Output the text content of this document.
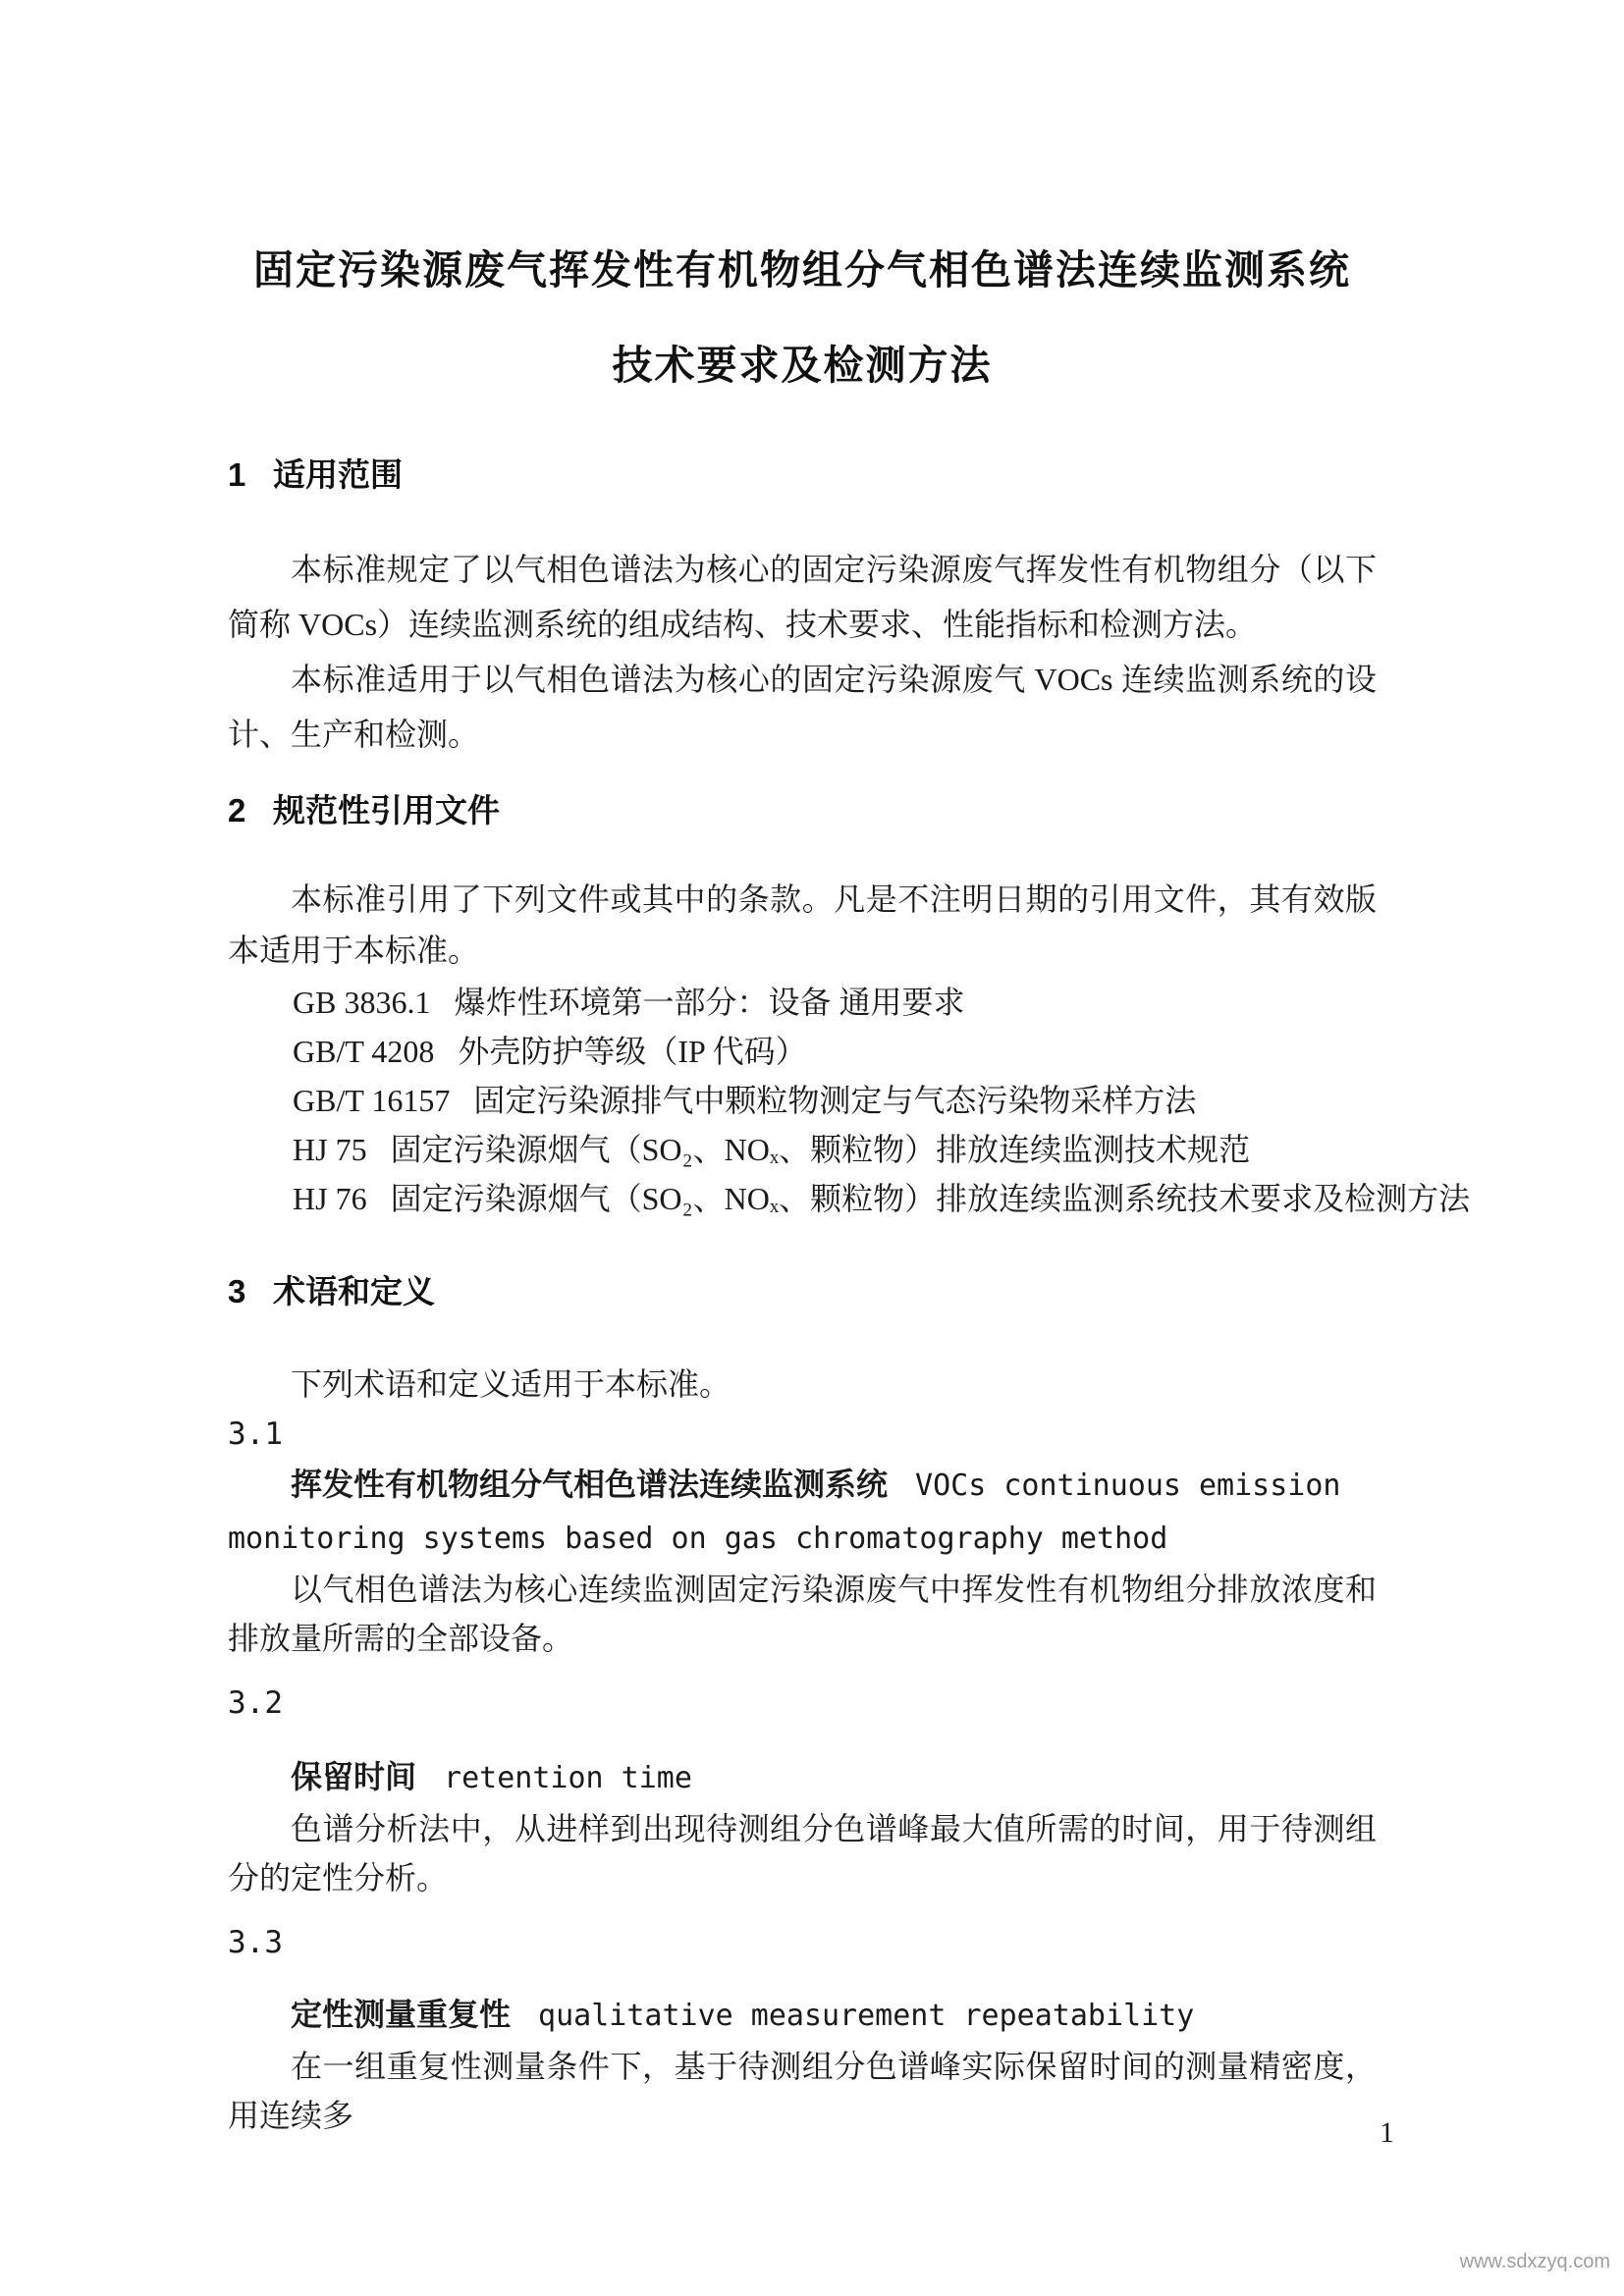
固定污染源废气挥发性有机物组分气相色谱法连续监测系统
技术要求及检测方法
1 适用范围

本标准规定了以气相色谱法为核心的固定污染源废气挥发性有机物组分（以下简称 VOCs）连续监测系统的组成结构、技术要求、性能指标和检测方法。

本标准适用于以气相色谱法为核心的固定污染源废气 VOCs 连续监测系统的设计、生产和检测。

2 规范性引用文件

本标准引用了下列文件或其中的条款。凡是不注明日期的引用文件，其有效版本适用于本标准。

GB 3836.1 爆炸性环境第一部分：设备 通用要求

GB/T 4208 外壳防护等级（IP 代码）

GB/T 16157 固定污染源排气中颗粒物测定与气态污染物采样方法

HJ 75 固定污染源烟气（SO₂、NOₓ、颗粒物）排放连续监测技术规范

HJ 76 固定污染源烟气（SO₂、NOₓ、颗粒物）排放连续监测系统技术要求及检测方法

3 术语和定义

下列术语和定义适用于本标准。

3.1

挥发性有机物组分气相色谱法连续监测系统 VOCs continuous emission monitoring systems based on gas chromatography method

以气相色谱法为核心连续监测固定污染源废气中挥发性有机物组分排放浓度和排放量所需的全部设备。

3.2

保留时间 retention time

色谱分析法中，从进样到出现待测组分色谱峰最大值所需的时间，用于待测组分的定性分析。

3.3

定性测量重复性 qualitative measurement repeatability

在一组重复性测量条件下，基于待测组分色谱峰实际保留时间的测量精密度，用连续多	1
www.sdxzyq.com
